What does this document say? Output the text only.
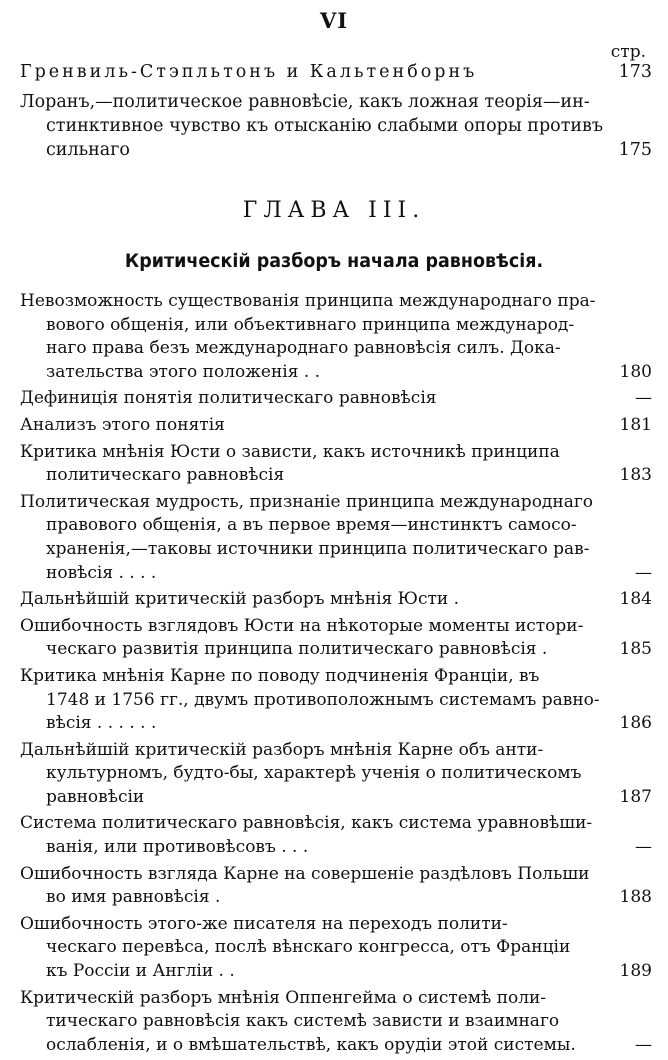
VI
стр.
Гренвиль-Стэпльтонъ и Кальтенборнъ	173
Лоранъ,—политическое равновѣсіе, какъ ложная теорія—ин-
стинктивное чувство къ отысканію слабыми опоры противъ
сильнаго	175
ГЛАВА III.
Критическій разборъ начала равновѣсія.
Невозможность существованія принципа международнаго пра-
вового общенія, или объективнаго принципа международ-
наго права безъ международнаго равновѣсія силъ. Дока-
зательства этого положенія . .	180
Дефиниція понятія политическаго равновѣсія	—
Анализъ этого понятія	181
Критика мнѣнія Юсти о зависти, какъ источникѣ принципа
политическаго равновѣсія	183
Политическая мудрость, признаніе принципа международнаго
правового общенія, а въ первое время—инстинктъ самосо-
храненія,—таковы источники принципа политическаго рав-
новѣсія . . . .	—
Дальнѣйшій критическій разборъ мнѣнія Юсти .	184
Ошибочность взглядовъ Юсти на нѣкоторые моменты истори-
ческаго развитія принципа политическаго равновѣсія .	185
Критика мнѣнія Карне по поводу подчиненія Франціи, въ
1748 и 1756 гг., двумъ противоположнымъ системамъ равно-
вѣсія . . . . . .	186
Дальнѣйшій критическій разборъ мнѣнія Карне объ анти-
культурномъ, будто-бы, характерѣ ученія о политическомъ
равновѣсіи	187
Система политическаго равновѣсія, какъ система уравновѣши-
ванія, или противовѣсовъ . . .	—
Ошибочность взгляда Карне на совершеніе раздѣловъ Польши
во имя равновѣсія .	188
Ошибочность этого-же писателя на переходъ полити-
ческаго перевѣса, послѣ вѣнскаго конгресса, отъ Франціи
къ Россіи и Англіи . .	189
Критическій разборъ мнѣнія Оппенгейма о системѣ поли-
тическаго равновѣсія какъ системѣ зависти и взаимнаго
ослабленія, и о вмѣшательствѣ, какъ орудіи этой системы.	—
